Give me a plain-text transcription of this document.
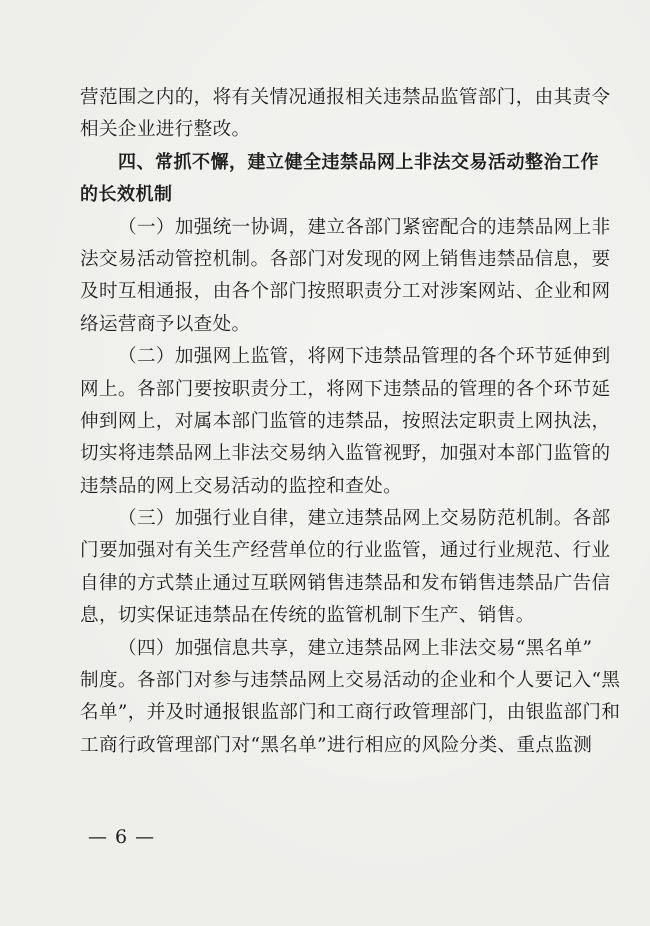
营范围之内的，将有关情况通报相关违禁品监管部门，由其责令
相关企业进行整改。
四、常抓不懈，建立健全违禁品网上非法交易活动整治工作
的长效机制
（一）加强统一协调，建立各部门紧密配合的违禁品网上非
法交易活动管控机制。各部门对发现的网上销售违禁品信息，要
及时互相通报，由各个部门按照职责分工对涉案网站、企业和网
络运营商予以查处。
（二）加强网上监管，将网下违禁品管理的各个环节延伸到
网上。各部门要按职责分工，将网下违禁品的管理的各个环节延
伸到网上，对属本部门监管的违禁品，按照法定职责上网执法，
切实将违禁品网上非法交易纳入监管视野，加强对本部门监管的
违禁品的网上交易活动的监控和查处。
（三）加强行业自律，建立违禁品网上交易防范机制。各部
门要加强对有关生产经营单位的行业监管，通过行业规范、行业
自律的方式禁止通过互联网销售违禁品和发布销售违禁品广告信
息，切实保证违禁品在传统的监管机制下生产、销售。
（四）加强信息共享，建立违禁品网上非法交易“黑名单”
制度。各部门对参与违禁品网上交易活动的企业和个人要记入“黑
名单”，并及时通报银监部门和工商行政管理部门，由银监部门和
工商行政管理部门对“黑名单”进行相应的风险分类、重点监测
— 6 —
